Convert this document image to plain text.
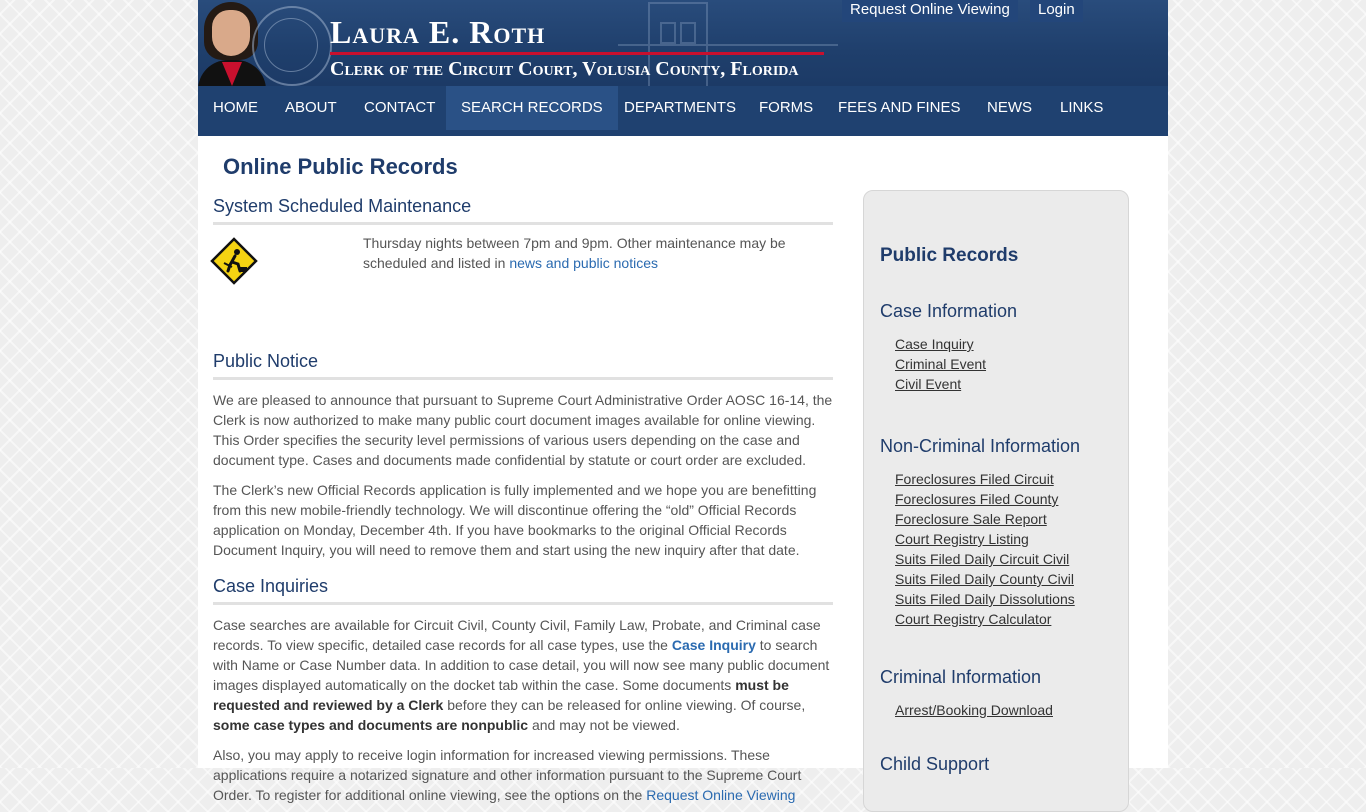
Laura E. Roth
Clerk of the Circuit Court, Volusia County, Florida
Request Online Viewing	Login
HOME	ABOUT	CONTACT	SEARCH RECORDS	DEPARTMENTS	FORMS	FEES AND FINES	NEWS	LINKS
Online Public Records
System Scheduled Maintenance
Thursday nights between 7pm and 9pm. Other maintenance may be scheduled and listed in news and public notices
Public Notice

We are pleased to announce that pursuant to Supreme Court Administrative Order AOSC 16-14, the Clerk is now authorized to make many public court document images available for online viewing. This Order specifies the security level permissions of various users depending on the case and document type. Cases and documents made confidential by statute or court order are excluded.

The Clerk’s new Official Records application is fully implemented and we hope you are benefitting from this new mobile-friendly technology. We will discontinue offering the “old” Official Records application on Monday, December 4th. If you have bookmarks to the original Official Records Document Inquiry, you will need to remove them and start using the new inquiry after that date.

Case Inquiries

Case searches are available for Circuit Civil, County Civil, Family Law, Probate, and Criminal case records. To view specific, detailed case records for all case types, use the Case Inquiry to search with Name or Case Number data. In addition to case detail, you will now see many public document images displayed automatically on the docket tab within the case. Some documents must be requested and reviewed by a Clerk before they can be released for online viewing. Of course, some case types and documents are nonpublic and may not be viewed.

Also, you may apply to receive login information for increased viewing permissions. These applications require a notarized signature and other information pursuant to the Supreme Court Order. To register for additional online viewing, see the options on the Request Online Viewing

Public Records
Case Information
Case Inquiry
Criminal Event
Civil Event
Non-Criminal Information
Foreclosures Filed Circuit
Foreclosures Filed County
Foreclosure Sale Report
Court Registry Listing
Suits Filed Daily Circuit Civil
Suits Filed Daily County Civil
Suits Filed Daily Dissolutions
Court Registry Calculator
Criminal Information
Arrest/Booking Download
Child Support
